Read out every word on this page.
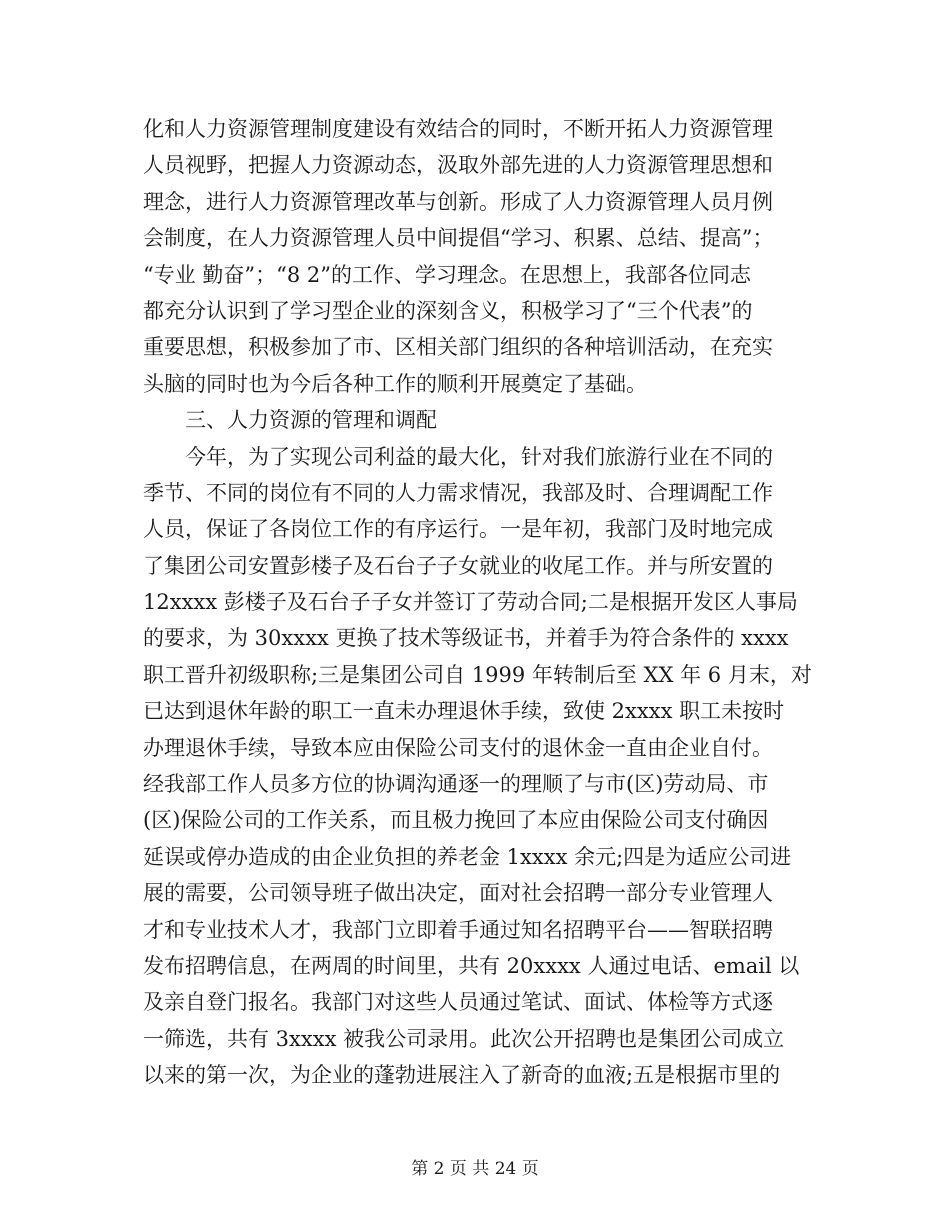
化和人力资源管理制度建设有效结合的同时，不断开拓人力资源管理
人员视野，把握人力资源动态，汲取外部先进的人力资源管理思想和
理念，进行人力资源管理改革与创新。形成了人力资源管理人员月例
会制度，在人力资源管理人员中间提倡“学习、积累、总结、提高”；
“专业 勤奋”；“8 2”的工作、学习理念。在思想上，我部各位同志
都充分认识到了学习型企业的深刻含义，积极学习了“三个代表”的
重要思想，积极参加了市、区相关部门组织的各种培训活动，在充实
头脑的同时也为今后各种工作的顺利开展奠定了基础。
三、人力资源的管理和调配
今年，为了实现公司利益的最大化，针对我们旅游行业在不同的
季节、不同的岗位有不同的人力需求情况，我部及时、合理调配工作
人员，保证了各岗位工作的有序运行。一是年初，我部门及时地完成
了集团公司安置彭楼子及石台子子女就业的收尾工作。并与所安置的
12xxxx 彭楼子及石台子子女并签订了劳动合同;二是根据开发区人事局
的要求，为 30xxxx 更换了技术等级证书，并着手为符合条件的 xxxx
职工晋升初级职称;三是集团公司自 1999 年转制后至 XX 年 6 月末，对
已达到退休年龄的职工一直未办理退休手续，致使 2xxxx 职工未按时
办理退休手续，导致本应由保险公司支付的退休金一直由企业自付。
经我部工作人员多方位的协调沟通逐一的理顺了与市(区)劳动局、市
(区)保险公司的工作关系，而且极力挽回了本应由保险公司支付确因
延误或停办造成的由企业负担的养老金 1xxxx 余元;四是为适应公司进
展的需要，公司领导班子做出决定，面对社会招聘一部分专业管理人
才和专业技术人才，我部门立即着手通过知名招聘平台——智联招聘
发布招聘信息，在两周的时间里，共有 20xxxx 人通过电话、email 以
及亲自登门报名。我部门对这些人员通过笔试、面试、体检等方式逐
一筛选，共有 3xxxx 被我公司录用。此次公开招聘也是集团公司成立
以来的第一次，为企业的蓬勃进展注入了新奇的血液;五是根据市里的
第 2 页 共 24 页
